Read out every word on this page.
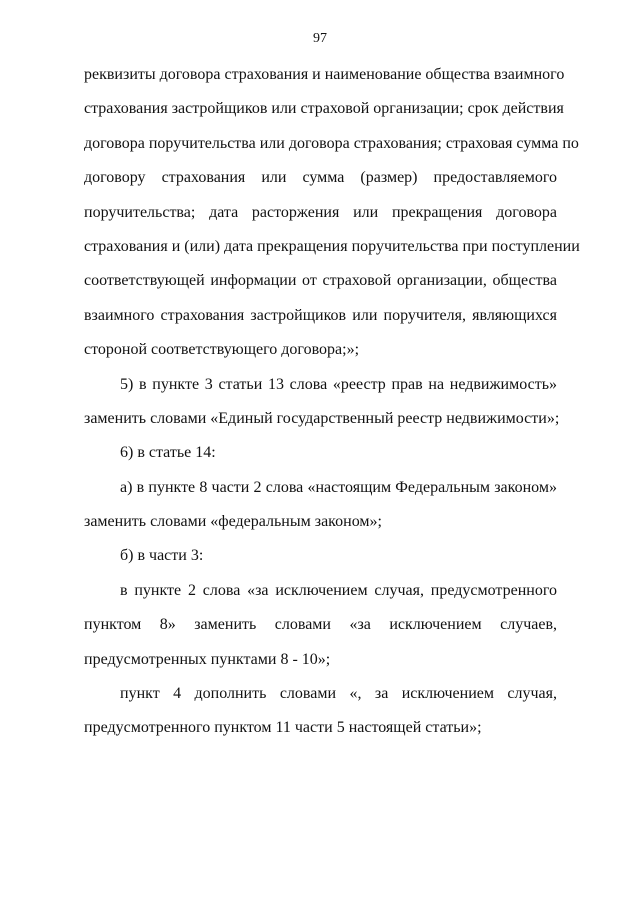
97
реквизиты договора страхования и наименование общества взаимного
страхования застройщиков или страховой организации; срок действия
договора поручительства или договора страхования; страховая сумма по
договору страхования или сумма (размер) предоставляемого
поручительства; дата расторжения или прекращения договора
страхования и (или) дата прекращения поручительства при поступлении
соответствующей информации от страховой организации, общества
взаимного страхования застройщиков или поручителя, являющихся
стороной соответствующего договора;»;
5) в пункте 3 статьи 13 слова «реестр прав на недвижимость»
заменить словами «Единый государственный реестр недвижимости»;
6) в статье 14:
а) в пункте 8 части 2 слова «настоящим Федеральным законом»
заменить словами «федеральным законом»;
б) в части 3:
в пункте 2 слова «за исключением случая, предусмотренного
пунктом 8» заменить словами «за исключением случаев,
предусмотренных пунктами 8 - 10»;
пункт 4 дополнить словами «, за исключением случая,
предусмотренного пунктом 11 части 5 настоящей статьи»;
